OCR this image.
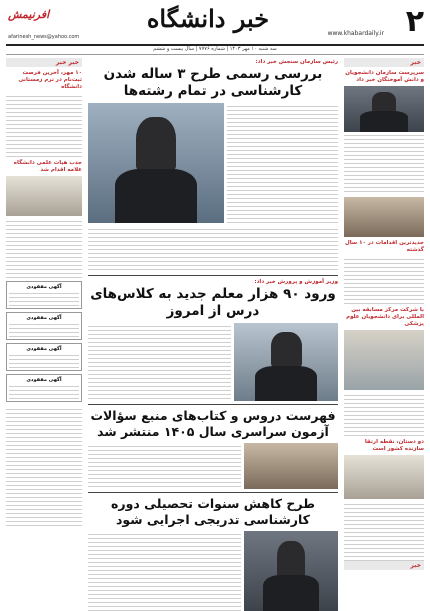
۲
خبر دانشگاه
افرنیمش
www.khabardaily.ir
afarinesh_news@yahoo.com
سه شنبه ۱۰ مهر ۱۴۰۳ | شماره ۷۷۷۶ | سال بیست و ششم
خبر
سرپرست سازمان دانشجویان و دانش آموختگان خبر داد
جدیدترین اقدامات در ۱۰ سال گذشته
با شرکت مرکز مسابقه بین المللی برای دانشجویان علوم پزشکی
دو دستان، نقطه ارتقا سازنده کشور است
خبر
رئیس سازمان سنجش خبر داد:
بررسی رسمی طرح ۳ ساله شدن کارشناسی در تمام رشته‌ها
وزیر آموزش و پرورش خبر داد:
ورود ۹۰ هزار معلم جدید به کلاس‌های درس از امروز
فهرست دروس و کتاب‌های منبع سؤالات آزمون سراسری سال ۱۴۰۵ منتشر شد
طرح کاهش سنوات تحصیلی دوره کارشناسی تدریجی اجرایی شود
خبر خبر
۱۰ مهر، آخرین فرصت ثبت‌نام در ترم زمستانی دانشگاه
جذب هیات علمی دانشگاه علامه اقدام شد
آگهی مفقودی
آگهی مفقودی
آگهی مفقودی
آگهی مفقودی
